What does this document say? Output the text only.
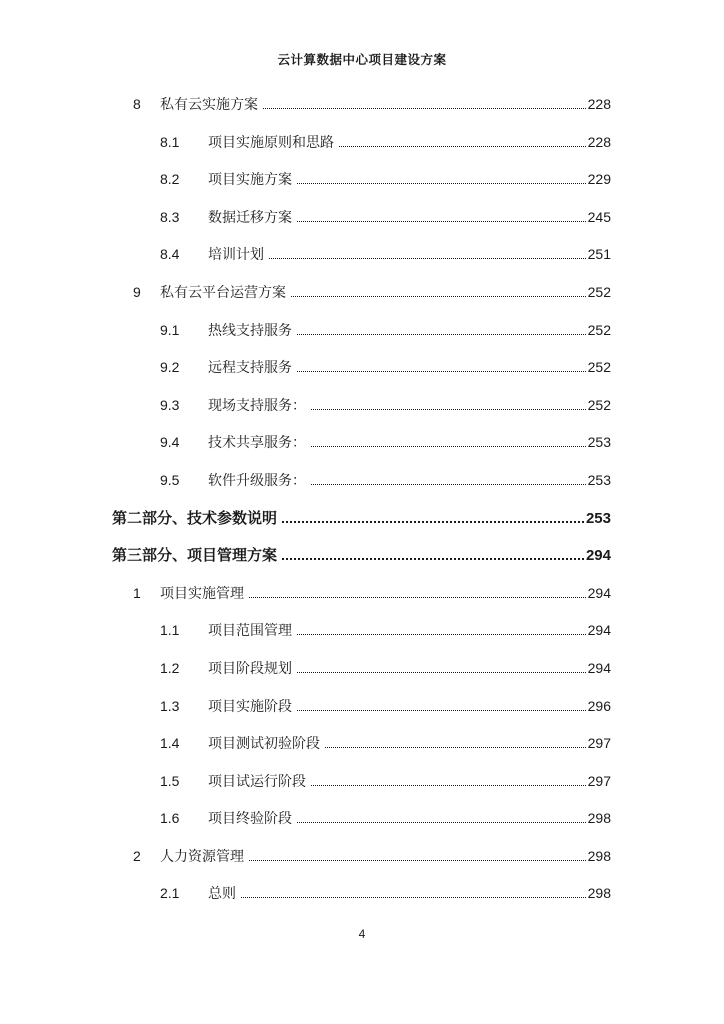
云计算数据中心项目建设方案
8	私有云实施方案	228
8.1	项目实施原则和思路	228
8.2	项目实施方案	229
8.3	数据迁移方案	245
8.4	培训计划	251
9	私有云平台运营方案	252
9.1	热线支持服务	252
9.2	远程支持服务	252
9.3	现场支持服务：	252
9.4	技术共享服务：	253
9.5	软件升级服务：	253
第二部分、技术参数说明	253
第三部分、项目管理方案	294
1	项目实施管理	294
1.1	项目范围管理	294
1.2	项目阶段规划	294
1.3	项目实施阶段	296
1.4	项目测试初验阶段	297
1.5	项目试运行阶段	297
1.6	项目终验阶段	298
2	人力资源管理	298
2.1	总则	298
4
